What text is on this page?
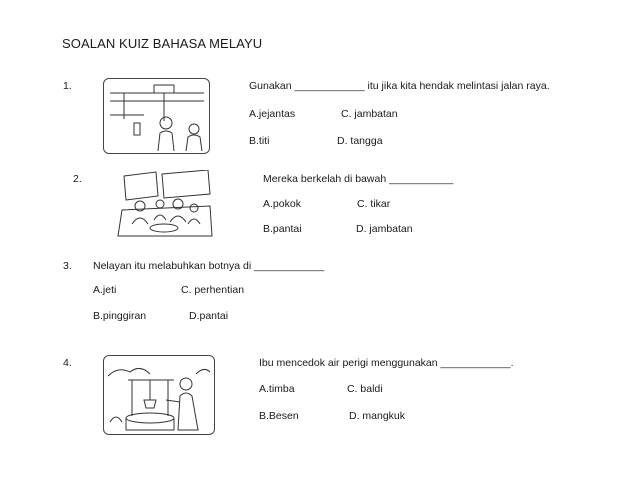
SOALAN KUIZ BAHASA MELAYU
1.	Gunakan ____________ itu jika kita hendak melintasi jalan raya.
A.jejantas	C. jambatan
B.titi	D. tangga
2.	Mereka berkelah di bawah ___________
A.pokok	C. tikar
B.pantai	D. jambatan
3. Nelayan itu melabuhkan botnya di ____________
A.jeti	C. perhentian
B.pinggiran	D.pantai
4.	Ibu mencedok air perigi menggunakan ____________.
A.timba	C. baldi
B.Besen	D. mangkuk
